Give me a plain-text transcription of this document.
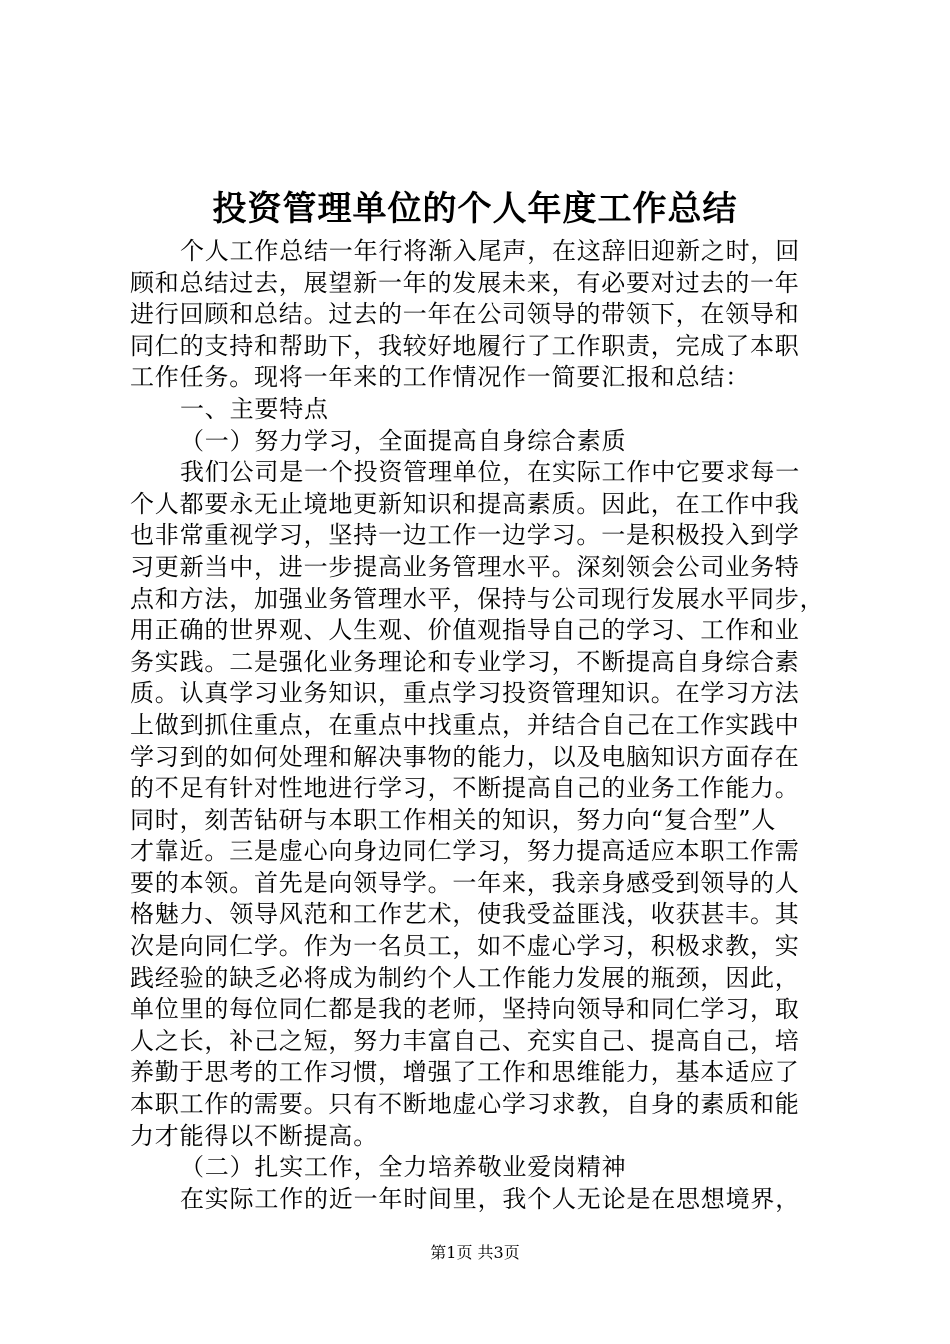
投资管理单位的个人年度工作总结
个人工作总结一年行将渐入尾声，在这辞旧迎新之时，回
顾和总结过去，展望新一年的发展未来，有必要对过去的一年
进行回顾和总结。过去的一年在公司领导的带领下，在领导和
同仁的支持和帮助下，我较好地履行了工作职责，完成了本职
工作任务。现将一年来的工作情况作一简要汇报和总结：
一、主要特点
（一）努力学习，全面提高自身综合素质
我们公司是一个投资管理单位，在实际工作中它要求每一
个人都要永无止境地更新知识和提高素质。因此，在工作中我
也非常重视学习，坚持一边工作一边学习。一是积极投入到学
习更新当中，进一步提高业务管理水平。深刻领会公司业务特
点和方法，加强业务管理水平，保持与公司现行发展水平同步，
用正确的世界观、人生观、价值观指导自己的学习、工作和业
务实践。二是强化业务理论和专业学习，不断提高自身综合素
质。认真学习业务知识，重点学习投资管理知识。在学习方法
上做到抓住重点，在重点中找重点，并结合自己在工作实践中
学习到的如何处理和解决事物的能力，以及电脑知识方面存在
的不足有针对性地进行学习，不断提高自己的业务工作能力。
同时，刻苦钻研与本职工作相关的知识，努力向“复合型”人
才靠近。三是虚心向身边同仁学习，努力提高适应本职工作需
要的本领。首先是向领导学。一年来，我亲身感受到领导的人
格魅力、领导风范和工作艺术，使我受益匪浅，收获甚丰。其
次是向同仁学。作为一名员工，如不虚心学习，积极求教，实
践经验的缺乏必将成为制约个人工作能力发展的瓶颈，因此，
单位里的每位同仁都是我的老师，坚持向领导和同仁学习，取
人之长，补己之短，努力丰富自己、充实自己、提高自己，培
养勤于思考的工作习惯，增强了工作和思维能力，基本适应了
本职工作的需要。只有不断地虚心学习求教，自身的素质和能
力才能得以不断提高。
（二）扎实工作，全力培养敬业爱岗精神
在实际工作的近一年时间里，我个人无论是在思想境界，
第1页 共3页
